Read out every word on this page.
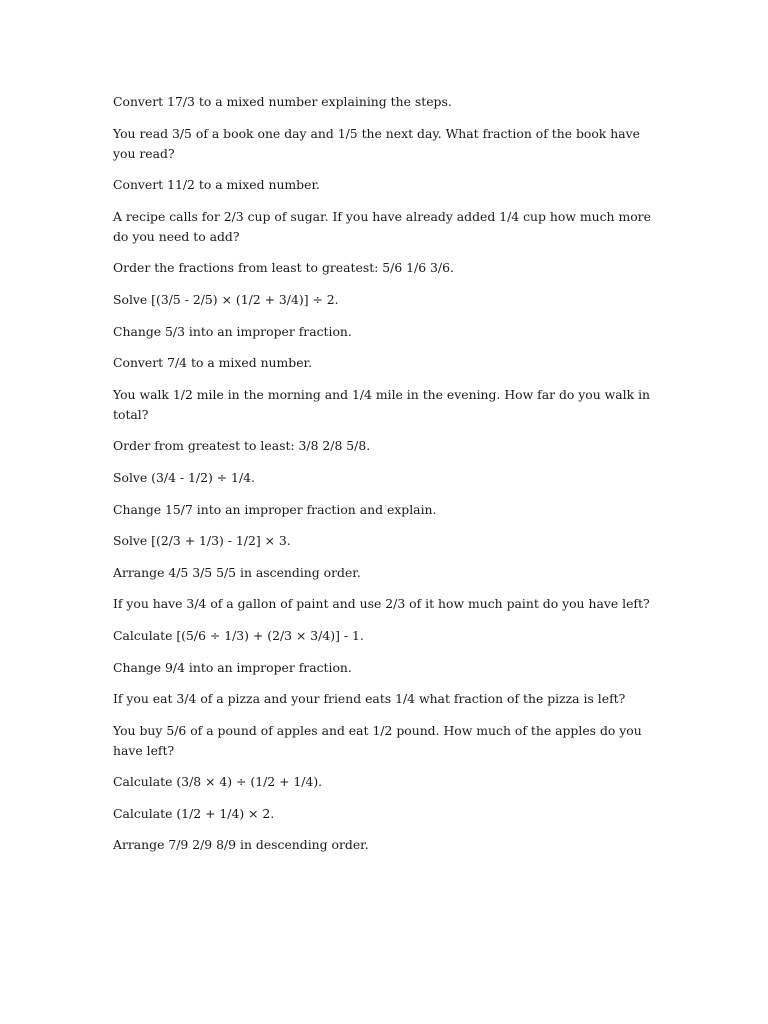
Convert 17/3 to a mixed number explaining the steps.
You read 3/5 of a book one day and 1/5 the next day. What fraction of the book have you read?
Convert 11/2 to a mixed number.
A recipe calls for 2/3 cup of sugar. If you have already added 1/4 cup how much more do you need to add?
Order the fractions from least to greatest: 5/6 1/6 3/6.
Solve [(3/5 - 2/5) × (1/2 + 3/4)] ÷ 2.
Change 5/3 into an improper fraction.
Convert 7/4 to a mixed number.
You walk 1/2 mile in the morning and 1/4 mile in the evening. How far do you walk in total?
Order from greatest to least: 3/8 2/8 5/8.
Solve (3/4 - 1/2) ÷ 1/4.
Change 15/7 into an improper fraction and explain.
Solve [(2/3 + 1/3) - 1/2] × 3.
Arrange 4/5 3/5 5/5 in ascending order.
If you have 3/4 of a gallon of paint and use 2/3 of it how much paint do you have left?
Calculate [(5/6 ÷ 1/3) + (2/3 × 3/4)] - 1.
Change 9/4 into an improper fraction.
If you eat 3/4 of a pizza and your friend eats 1/4 what fraction of the pizza is left?
You buy 5/6 of a pound of apples and eat 1/2 pound. How much of the apples do you have left?
Calculate (3/8 × 4) ÷ (1/2 + 1/4).
Calculate (1/2 + 1/4) × 2.
Arrange 7/9 2/9 8/9 in descending order.
